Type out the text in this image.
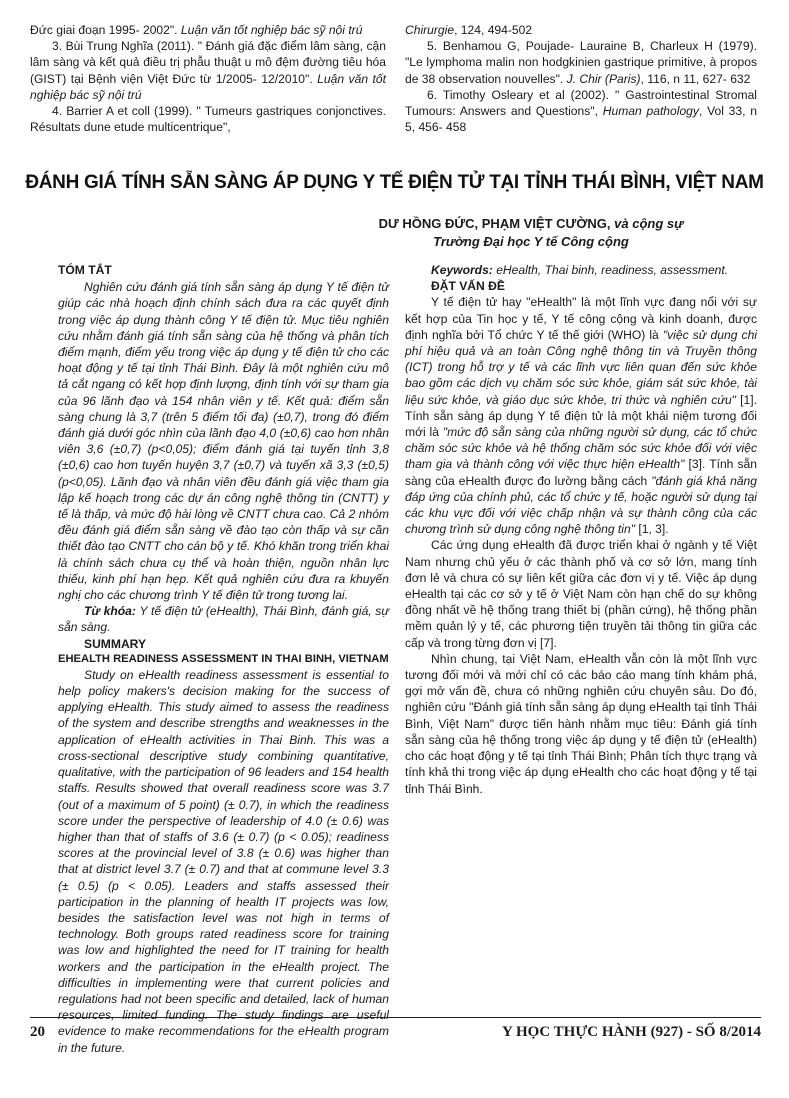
Đức giai đoạn 1995- 2002". Luận văn tốt nghiệp bác sỹ nội trú

3. Bùi Trung Nghĩa (2011). " Đánh giá đặc điểm lâm sàng, cận lâm sàng và kết quả điều trị phẫu thuật u mô đệm đường tiêu hóa (GIST) tại Bệnh viện Việt Đức từ 1/2005- 12/2010". Luận văn tốt nghiệp bác sỹ nội trú

4. Barrier A et coll (1999). " Tumeurs gastriques conjonctives. Résultats dune etude multicentrique",

Chirurgie, 124, 494-502

5. Benhamou G, Poujade- Lauraine B, Charleux H (1979). "Le lymphoma malin non hodgkinien gastrique primitive, à propos de 38 observation nouvelles". J. Chir (Paris), 116, n 11, 627- 632

6. Timothy Osleary et al (2002). " Gastrointestinal Stromal Tumours: Answers and Questions", Human pathology, Vol 33, n 5, 456- 458

ĐÁNH GIÁ TÍNH SẴN SÀNG ÁP DỤNG Y TẾ ĐIỆN TỬ TẠI TỈNH THÁI BÌNH, VIỆT NAM
DƯ HỒNG ĐỨC, PHẠM VIỆT CƯỜNG, và cộng sự
Trường Đại học Y tế Công cộng

TÓM TẮT

Nghiên cứu đánh giá tính sẵn sàng áp dụng Y tế điện tử giúp các nhà hoạch định chính sách đưa ra các quyết định trong việc áp dụng thành công Y tế điện tử. Mục tiêu nghiên cứu nhằm đánh giá tính sẵn sàng của hệ thống và phân tích điểm mạnh, điểm yếu trong việc áp dụng y tế điện tử cho các hoạt động y tế tại tỉnh Thái Bình. Đây là một nghiên cứu mô tả cắt ngang có kết hợp định lượng, định tính với sự tham gia của 96 lãnh đạo và 154 nhân viên y tế. Kết quả: điểm sẵn sàng chung là 3,7 (trên 5 điểm tối đa) (±0,7), trong đó điểm đánh giá dưới góc nhìn của lãnh đạo 4,0 (±0,6) cao hơn nhân viên 3,6 (±0,7) (p<0,05); điểm đánh giá tại tuyến tỉnh 3,8 (±0,6) cao hơn tuyến huyện 3,7 (±0,7) và tuyến xã 3,3 (±0,5) (p<0,05). Lãnh đạo và nhân viên đều đánh giá việc tham gia lập kế hoạch trong các dự án công nghệ thông tin (CNTT) y tế là thấp, và mức độ hài lòng về CNTT chưa cao. Cả 2 nhóm đều đánh giá điểm sẵn sàng về đào tạo còn thấp và sự cần thiết đào tạo CNTT cho cán bộ y tế. Khó khăn trong triển khai là chính sách chưa cụ thể và hoàn thiện, nguồn nhân lực thiếu, kinh phí hạn hẹp. Kết quả nghiên cứu đưa ra khuyến nghị cho các chương trình Y tế điện tử trong tương lai.

Từ khóa: Y tế điện tử (eHealth), Thái Bình, đánh giá, sự sẵn sàng.

SUMMARY

EHEALTH READINESS ASSESSMENT IN THAI BINH, VIETNAM

Study on eHealth readiness assessment is essential to help policy makers's decision making for the success of applying eHealth. This study aimed to assess the readiness of the system and describe strengths and weaknesses in the application of eHealth activities in Thai Binh. This was a cross-sectional descriptive study combining quantitative, qualitative, with the participation of 96 leaders and 154 health staffs. Results showed that overall readiness score was 3.7 (out of a maximum of 5 point) (± 0.7), in which the readiness score under the perspective of leadership of 4.0 (± 0.6) was higher than that of staffs of 3.6 (± 0.7) (p < 0.05); readiness scores at the provincial level of 3.8 (± 0.6) was higher than that at district level 3.7 (± 0.7) and that at commune level 3.3 (± 0.5) (p < 0.05). Leaders and staffs assessed their participation in the planning of health IT projects was low, besides the satisfaction level was not high in terms of technology. Both groups rated readiness score for training was low and highlighted the need for IT training for health workers and the participation in the eHealth project. The difficulties in implementing were that current policies and regulations had not been specific and detailed, lack of human resources, limited funding. The study findings are useful evidence to make recommendations for the eHealth program in the future.

Keywords: eHealth, Thai binh, readiness, assessment.

ĐẶT VẤN ĐỀ

Y tế điện tử hay "eHealth" là một lĩnh vực đang nổi với sự kết hợp của Tin học y tế, Y tế công cộng và kinh doanh, được định nghĩa bởi Tổ chức Y tế thế giới (WHO) là "việc sử dụng chi phí hiệu quả và an toàn Công nghệ thông tin và Truyền thông (ICT) trong hỗ trợ y tế và các lĩnh vực liên quan đến sức khỏe bao gồm các dịch vụ chăm sóc sức khỏe, giám sát sức khỏe, tài liệu sức khỏe, và giáo dục sức khỏe, tri thức và nghiên cứu" [1]. Tính sẵn sàng áp dụng Y tế điện tử là một khái niệm tương đối mới là "mức độ sẵn sàng của những người sử dụng, các tổ chức chăm sóc sức khỏe và hệ thống chăm sóc sức khỏe đối với việc tham gia và thành công với việc thực hiện eHealth" [3]. Tính sẵn sàng của eHealth được đo lường bằng cách "đánh giá khả năng đáp ứng của chính phủ, các tổ chức y tế, hoặc người sử dụng tại các khu vực đối với việc chấp nhận và sự thành công của các chương trình sử dụng công nghệ thông tin" [1, 3].

Các ứng dụng eHealth đã được triển khai ở ngành y tế Việt Nam nhưng chủ yếu ở các thành phố và cơ sở lớn, mang tính đơn lẻ và chưa có sự liên kết giữa các đơn vị y tế. Việc áp dụng eHealth tại các cơ sở y tế ở Việt Nam còn hạn chế do sự không đồng nhất về hệ thống trang thiết bị (phần cứng), hệ thống phần mềm quản lý y tế, các phương tiện truyền tải thông tin giữa các cấp và trong từng đơn vị [7].

Nhìn chung, tại Việt Nam, eHealth vẫn còn là một lĩnh vực tương đối mới và mới chỉ có các báo cáo mang tính khám phá, gợi mở vấn đề, chưa có những nghiên cứu chuyên sâu. Do đó, nghiên cứu "Đánh giá tính sẵn sàng áp dụng eHealth tại tỉnh Thái Bình, Việt Nam" được tiến hành nhằm mục tiêu: Đánh giá tính sẵn sàng của hệ thống trong việc áp dụng y tế điện tử (eHealth) cho các hoạt động y tế tại tỉnh Thái Bình; Phân tích thực trạng và tính khả thi trong việc áp dụng eHealth cho các hoạt động y tế tại tỉnh Thái Bình.

20	Y HỌC THỰC HÀNH (927) - SỐ 8/2014
